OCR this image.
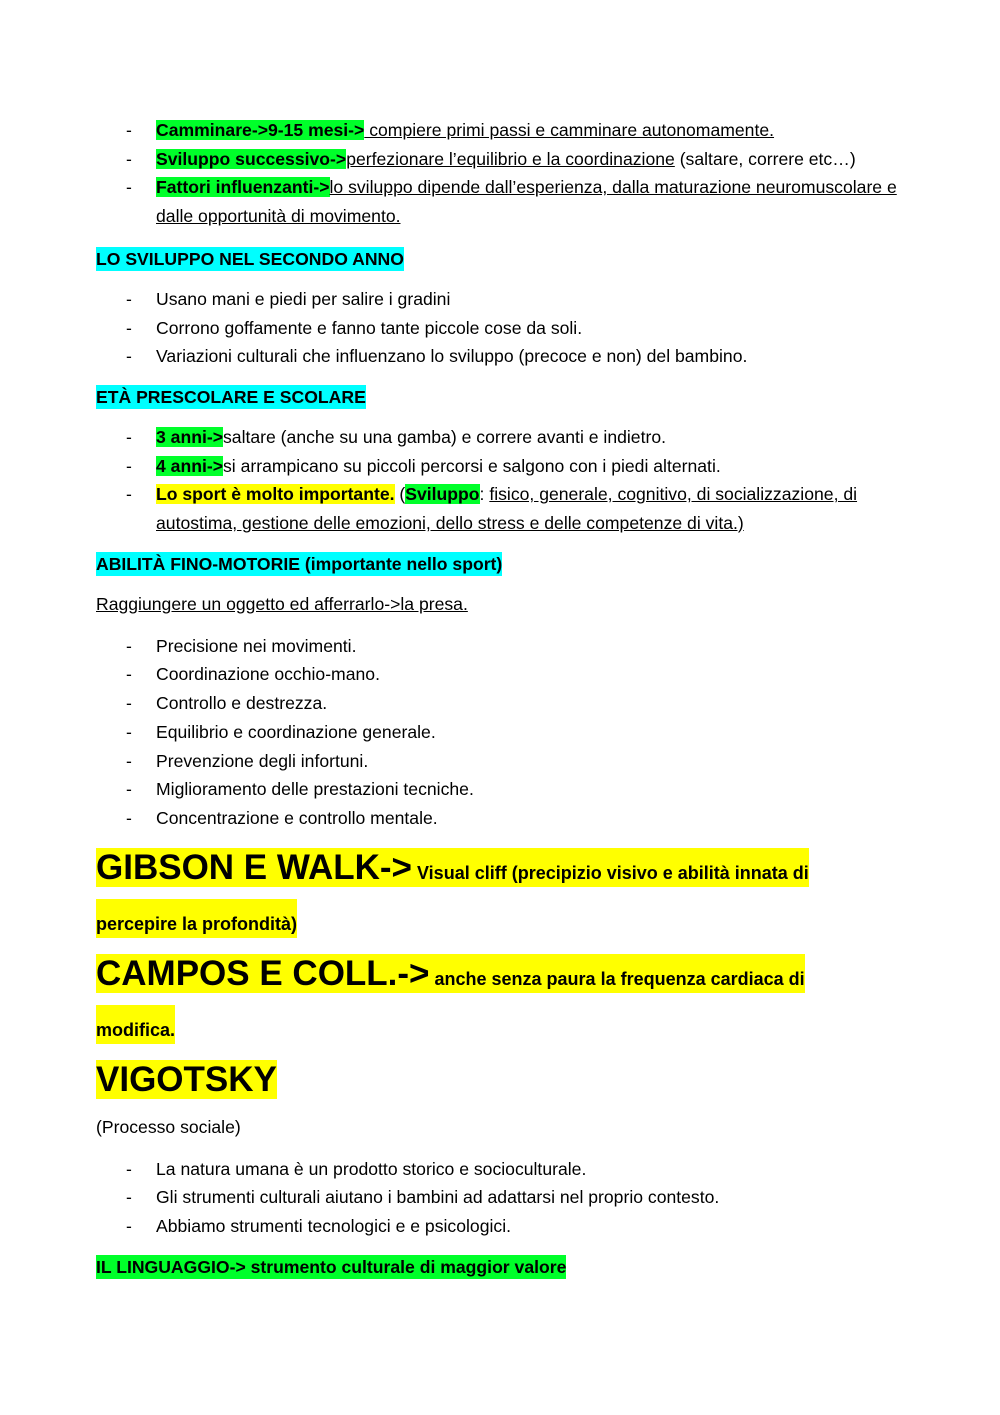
- Camminare->9-15 mesi-> compiere primi passi e camminare autonomamente.
- Sviluppo successivo->perfezionare l’equilibrio e la coordinazione (saltare, correre etc…)
- Fattori influenzanti->lo sviluppo dipende dall’esperienza, dalla maturazione neuromuscolare e dalle opportunità di movimento.
LO SVILUPPO NEL SECONDO ANNO
- Usano mani e piedi per salire i gradini
- Corrono goffamente e fanno tante piccole cose da soli.
- Variazioni culturali che influenzano lo sviluppo (precoce e non) del bambino.
ETÀ PRESCOLARE E SCOLARE
- 3 anni->saltare (anche su una gamba) e correre avanti e indietro.
- 4 anni->si arrampicano su piccoli percorsi e salgono con i piedi alternati.
- Lo sport è molto importante. (Sviluppo: fisico, generale, cognitivo, di socializzazione, di autostima, gestione delle emozioni, dello stress e delle competenze di vita.)
ABILITÀ FINO-MOTORIE (importante nello sport)
Raggiungere un oggetto ed afferrarlo->la presa.
- Precisione nei movimenti.
- Coordinazione occhio-mano.
- Controllo e destrezza.
- Equilibrio e coordinazione generale.
- Prevenzione degli infortuni.
- Miglioramento delle prestazioni tecniche.
- Concentrazione e controllo mentale.
GIBSON E WALK-> Visual cliff (precipizio visivo e abilità innata di percepire la profondità)
CAMPOS E COLL.-> anche senza paura la frequenza cardiaca di modifica.
VIGOTSKY
(Processo sociale)
- La natura umana è un prodotto storico e socioculturale.
- Gli strumenti culturali aiutano i bambini ad adattarsi nel proprio contesto.
- Abbiamo strumenti tecnologici e e psicologici.
IL LINGUAGGIO-> strumento culturale di maggior valore
